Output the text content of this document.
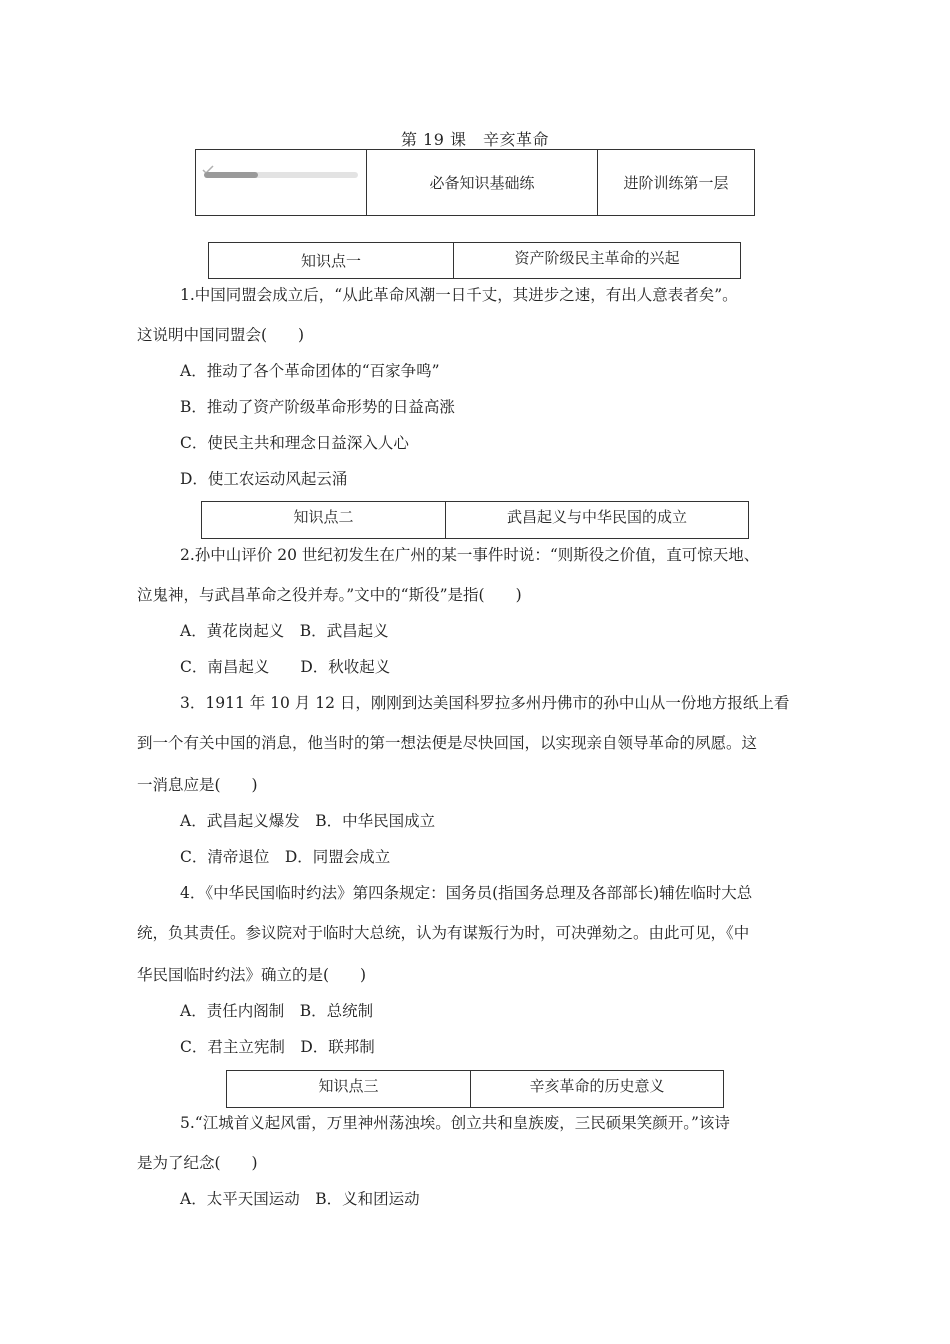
第 19 课　辛亥革命
	必备知识基础练	进阶训练第一层
知识点一	资产阶级民主革命的兴起
1.中国同盟会成立后，“从此革命风潮一日千丈，其进步之速，有出人意表者矣”。
这说明中国同盟会(　　)
A．推动了各个革命团体的“百家争鸣”
B．推动了资产阶级革命形势的日益高涨
C．使民主共和理念日益深入人心
D．使工农运动风起云涌
知识点二	武昌起义与中华民国的成立
2.孙中山评价 20 世纪初发生在广州的某一事件时说：“则斯役之价值，直可惊天地、
泣鬼神，与武昌革命之役并寿。”文中的“斯役”是指(　　)
A．黄花岗起义　B．武昌起义
C．南昌起义　　D．秋收起义
3．1911 年 10 月 12 日，刚刚到达美国科罗拉多州丹佛市的孙中山从一份地方报纸上看
到一个有关中国的消息，他当时的第一想法便是尽快回国，以实现亲自领导革命的夙愿。这
一消息应是(　　)
A．武昌起义爆发　B．中华民国成立
C．清帝退位　D．同盟会成立
4．《中华民国临时约法》第四条规定：国务员(指国务总理及各部部长)辅佐临时大总
统，负其责任。参议院对于临时大总统，认为有谋叛行为时，可决弹劾之。由此可见，《中
华民国临时约法》确立的是(　　)
A．责任内阁制　B．总统制
C．君主立宪制　D．联邦制
知识点三	辛亥革命的历史意义
5.“江城首义起风雷，万里神州荡浊埃。创立共和皇族废，三民硕果笑颜开。”该诗
是为了纪念(　　)
A．太平天国运动　B．义和团运动
